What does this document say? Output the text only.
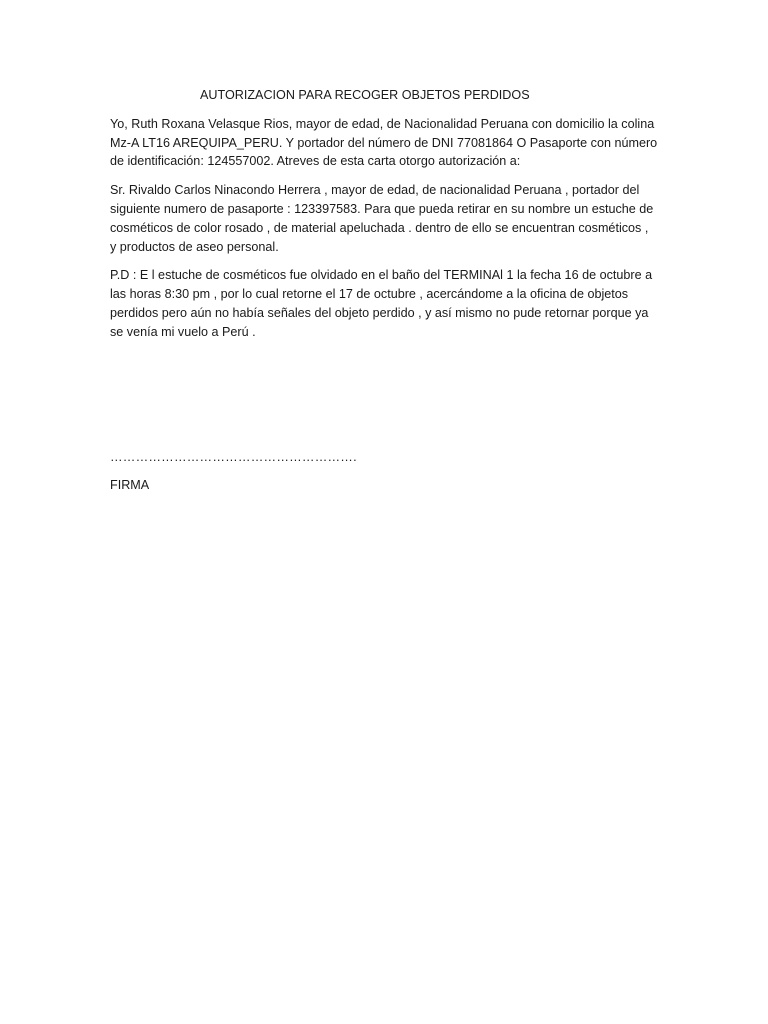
AUTORIZACION PARA RECOGER OBJETOS PERDIDOS
Yo, Ruth Roxana Velasque Rios, mayor de edad, de Nacionalidad Peruana con domicilio la colina Mz-A LT16 AREQUIPA_PERU. Y portador del número de DNI 77081864 O Pasaporte con número de identificación: 124557002. Atreves de esta carta otorgo autorización a:
Sr. Rivaldo Carlos Ninacondo Herrera , mayor de edad, de nacionalidad Peruana , portador del siguiente numero de pasaporte : 123397583. Para que pueda retirar en su nombre un estuche de cosméticos de color rosado , de material apeluchada . dentro de ello se encuentran cosméticos , y productos de aseo personal.
P.D : E l estuche de cosméticos fue olvidado en el baño del TERMINAl 1 la fecha 16 de octubre a las horas 8:30 pm , por lo cual retorne el 17 de octubre , acercándome a la oficina de objetos perdidos pero aún no había señales del objeto perdido , y así mismo no pude retornar porque ya se venía mi vuelo a Perú .
………………………………………………….
FIRMA
